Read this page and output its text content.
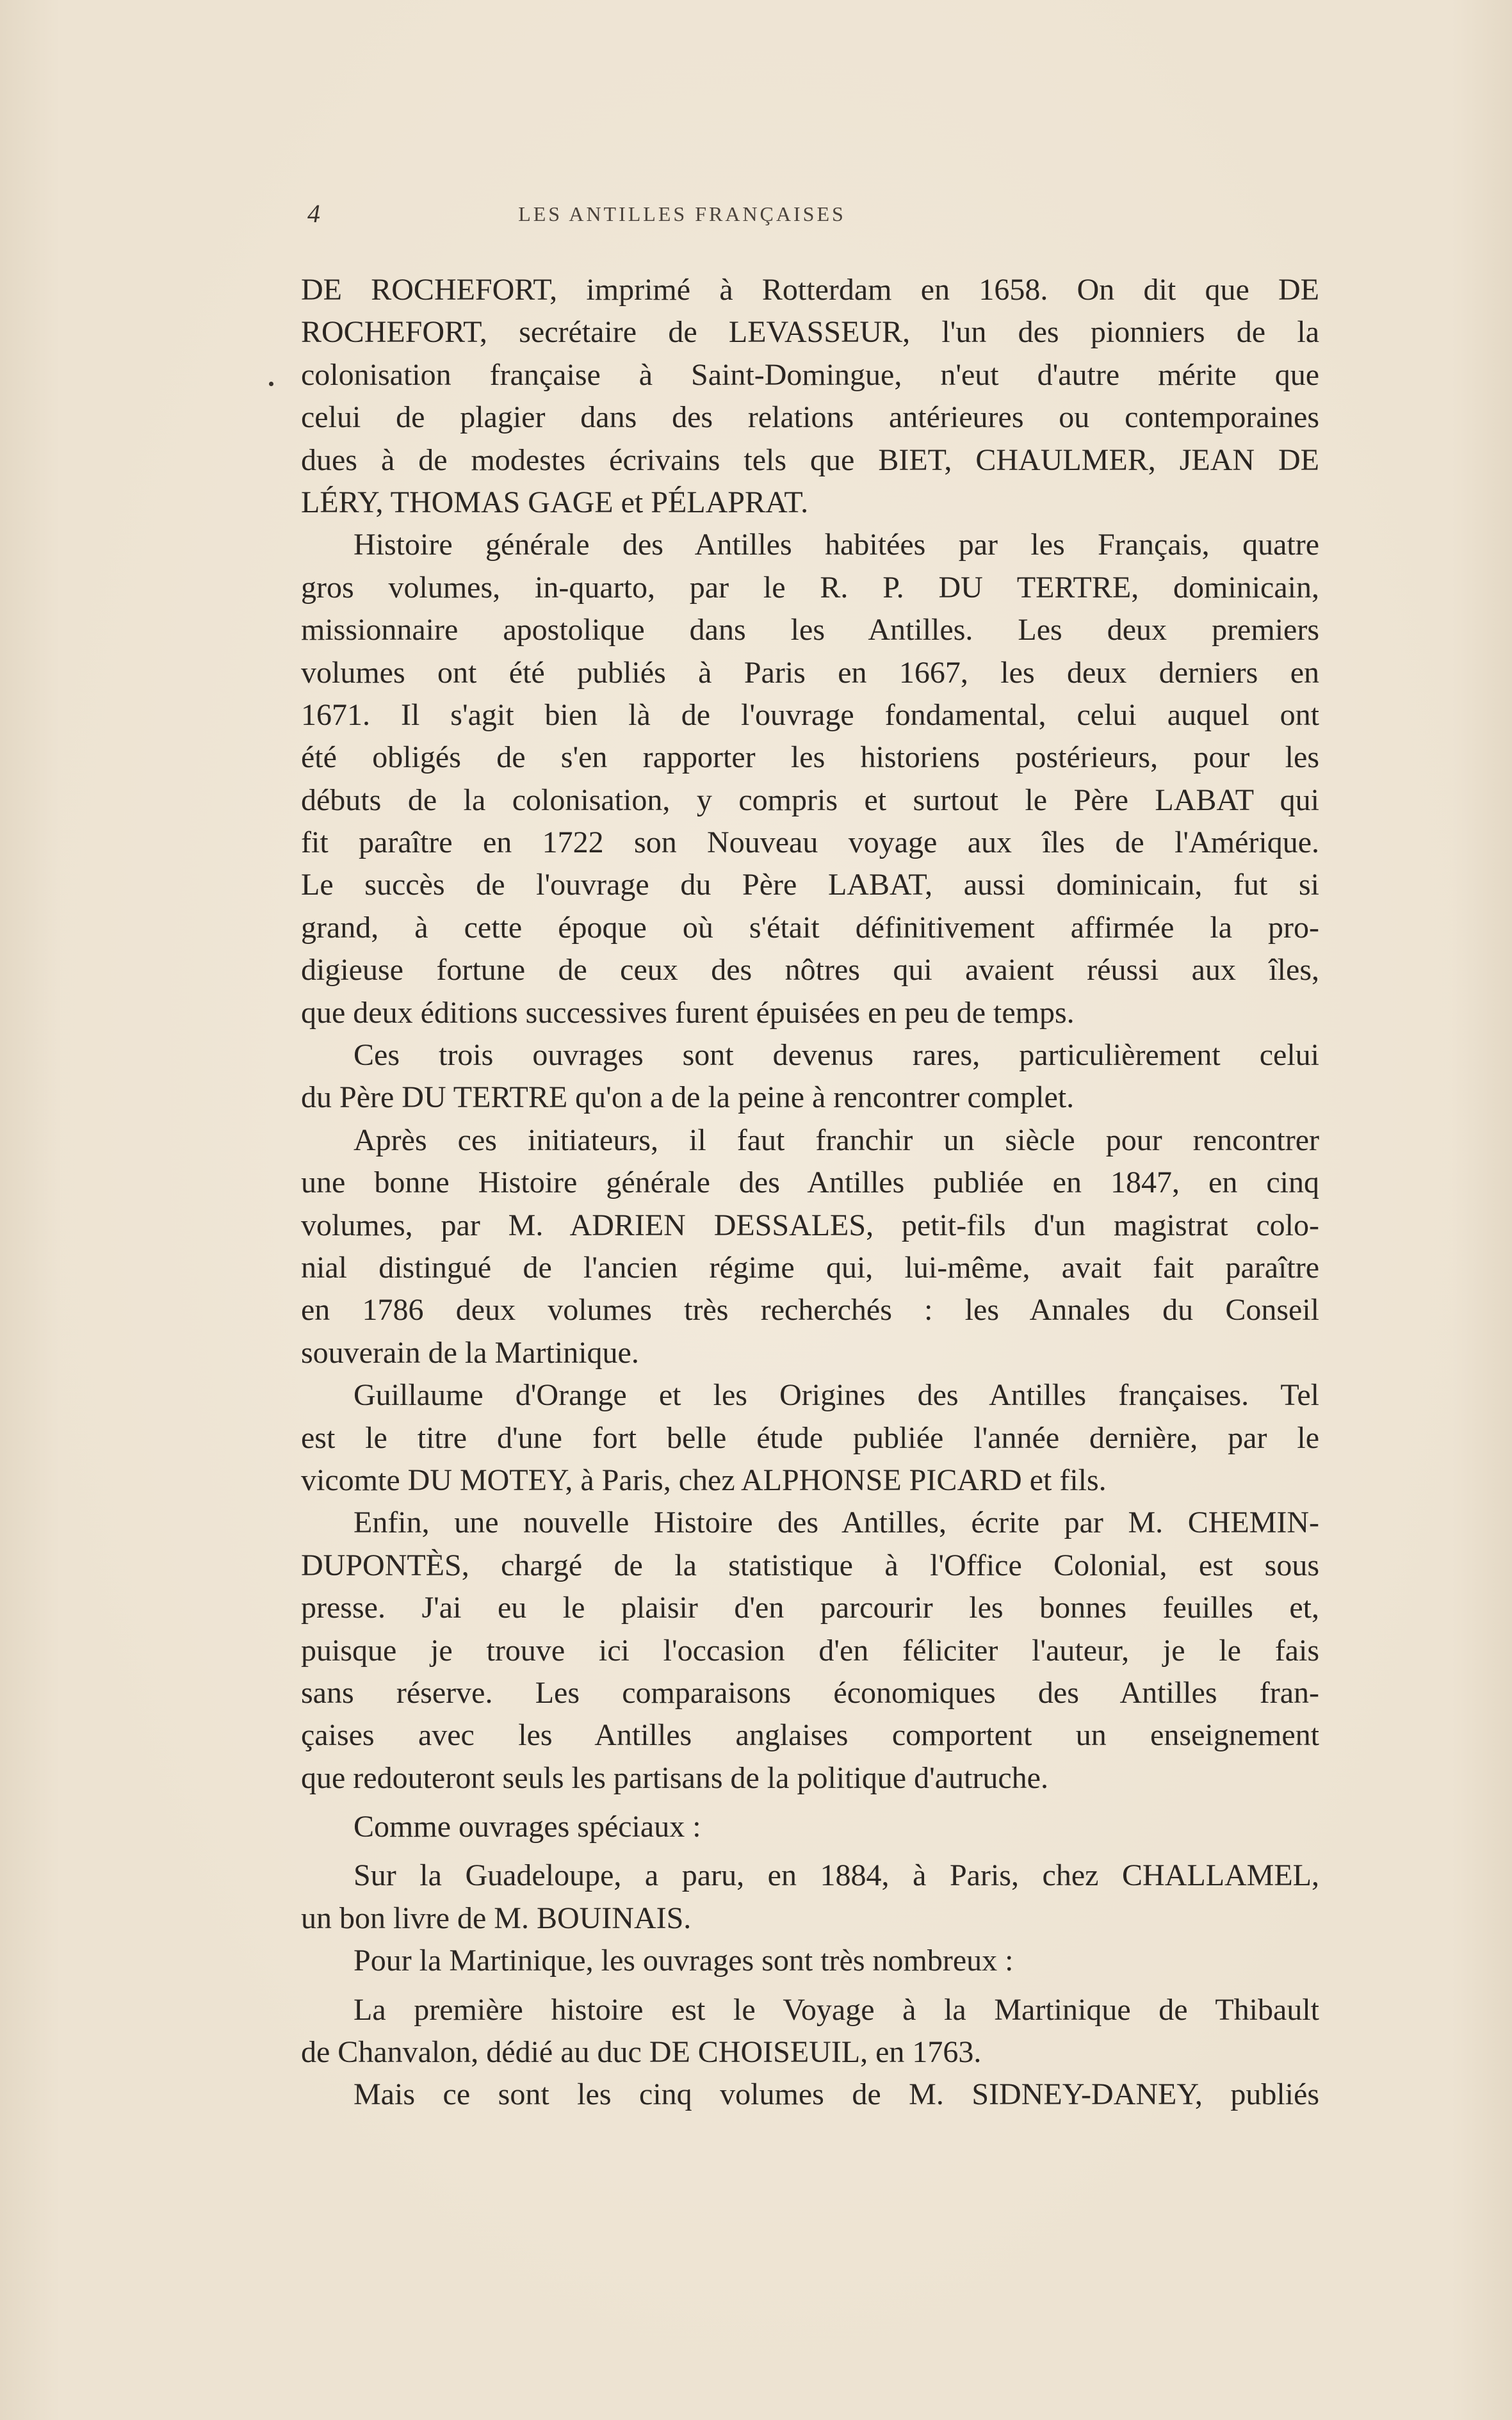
4	LES ANTILLES FRANÇAISES
DE ROCHEFORT, imprimé à Rotterdam en 1658. On dit que DE
ROCHEFORT, secrétaire de LEVASSEUR, l'un des pionniers de la
colonisation française à Saint-Domingue, n'eut d'autre mérite que
celui de plagier dans des relations antérieures ou contemporaines
dues à de modestes écrivains tels que BIET, CHAULMER, JEAN DE
LÉRY, THOMAS GAGE et PÉLAPRAT.
Histoire générale des Antilles habitées par les Français, quatre
gros volumes, in-quarto, par le R. P. DU TERTRE, dominicain,
missionnaire apostolique dans les Antilles. Les deux premiers
volumes ont été publiés à Paris en 1667, les deux derniers en
1671. Il s'agit bien là de l'ouvrage fondamental, celui auquel ont
été obligés de s'en rapporter les historiens postérieurs, pour les
débuts de la colonisation, y compris et surtout le Père LABAT qui
fit paraître en 1722 son Nouveau voyage aux îles de l'Amérique.
Le succès de l'ouvrage du Père LABAT, aussi dominicain, fut si
grand, à cette époque où s'était définitivement affirmée la pro-
digieuse fortune de ceux des nôtres qui avaient réussi aux îles,
que deux éditions successives furent épuisées en peu de temps.
Ces trois ouvrages sont devenus rares, particulièrement celui
du Père DU TERTRE qu'on a de la peine à rencontrer complet.
Après ces initiateurs, il faut franchir un siècle pour rencontrer
une bonne Histoire générale des Antilles publiée en 1847, en cinq
volumes, par M. ADRIEN DESSALES, petit-fils d'un magistrat colo-
nial distingué de l'ancien régime qui, lui-même, avait fait paraître
en 1786 deux volumes très recherchés : les Annales du Conseil
souverain de la Martinique.
Guillaume d'Orange et les Origines des Antilles françaises. Tel
est le titre d'une fort belle étude publiée l'année dernière, par le
vicomte DU MOTEY, à Paris, chez ALPHONSE PICARD et fils.
Enfin, une nouvelle Histoire des Antilles, écrite par M. CHEMIN-
DUPONTÈS, chargé de la statistique à l'Office Colonial, est sous
presse. J'ai eu le plaisir d'en parcourir les bonnes feuilles et,
puisque je trouve ici l'occasion d'en féliciter l'auteur, je le fais
sans réserve. Les comparaisons économiques des Antilles fran-
çaises avec les Antilles anglaises comportent un enseignement
que redouteront seuls les partisans de la politique d'autruche.
Comme ouvrages spéciaux :
Sur la Guadeloupe, a paru, en 1884, à Paris, chez CHALLAMEL,
un bon livre de M. BOUINAIS.
Pour la Martinique, les ouvrages sont très nombreux :
La première histoire est le Voyage à la Martinique de Thibault
de Chanvalon, dédié au duc DE CHOISEUIL, en 1763.
Mais ce sont les cinq volumes de M. SIDNEY-DANEY, publiés
